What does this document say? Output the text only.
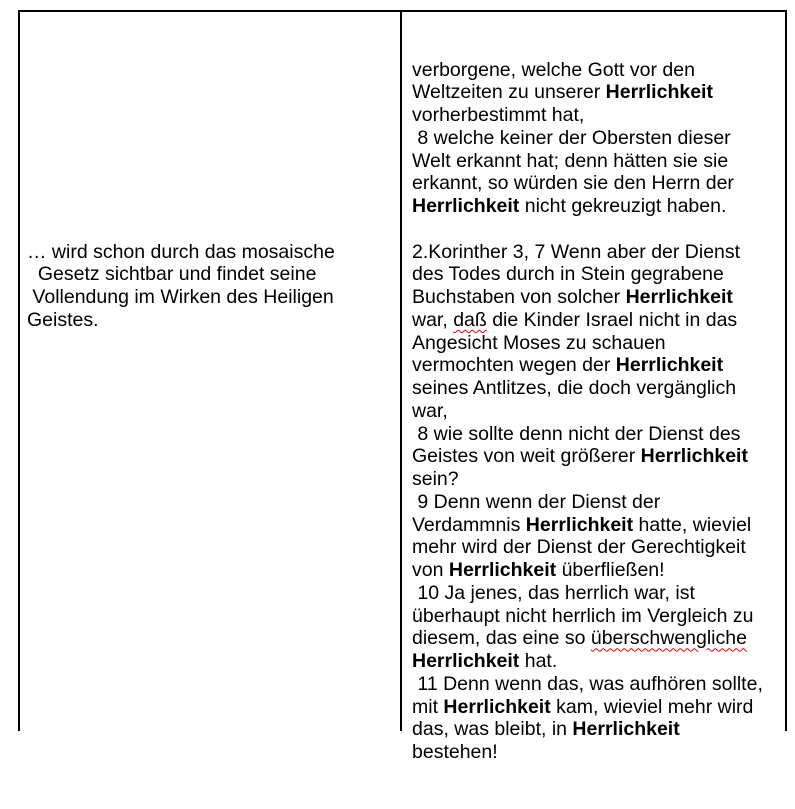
… wird schon durch das mosaische
Gesetz sichtbar und findet seine
Vollendung im Wirken des Heiligen
Geistes.

verborgene, welche Gott vor den
Weltzeiten zu unserer Herrlichkeit
vorherbestimmt hat,
8 welche keiner der Obersten dieser
Welt erkannt hat; denn hätten sie sie
erkannt, so würden sie den Herrn der
Herrlichkeit nicht gekreuzigt haben.

2.Korinther 3, 7 Wenn aber der Dienst
des Todes durch in Stein gegrabene
Buchstaben von solcher Herrlichkeit
war, daß die Kinder Israel nicht in das
Angesicht Moses zu schauen
vermochten wegen der Herrlichkeit
seines Antlitzes, die doch vergänglich
war,
8 wie sollte denn nicht der Dienst des
Geistes von weit größerer Herrlichkeit
sein?
9 Denn wenn der Dienst der
Verdammnis Herrlichkeit hatte, wieviel
mehr wird der Dienst der Gerechtigkeit
von Herrlichkeit überfließen!
10 Ja jenes, das herrlich war, ist
überhaupt nicht herrlich im Vergleich zu
diesem, das eine so überschwengliche
Herrlichkeit hat.
11 Denn wenn das, was aufhören sollte,
mit Herrlichkeit kam, wieviel mehr wird
das, was bleibt, in Herrlichkeit
bestehen!
